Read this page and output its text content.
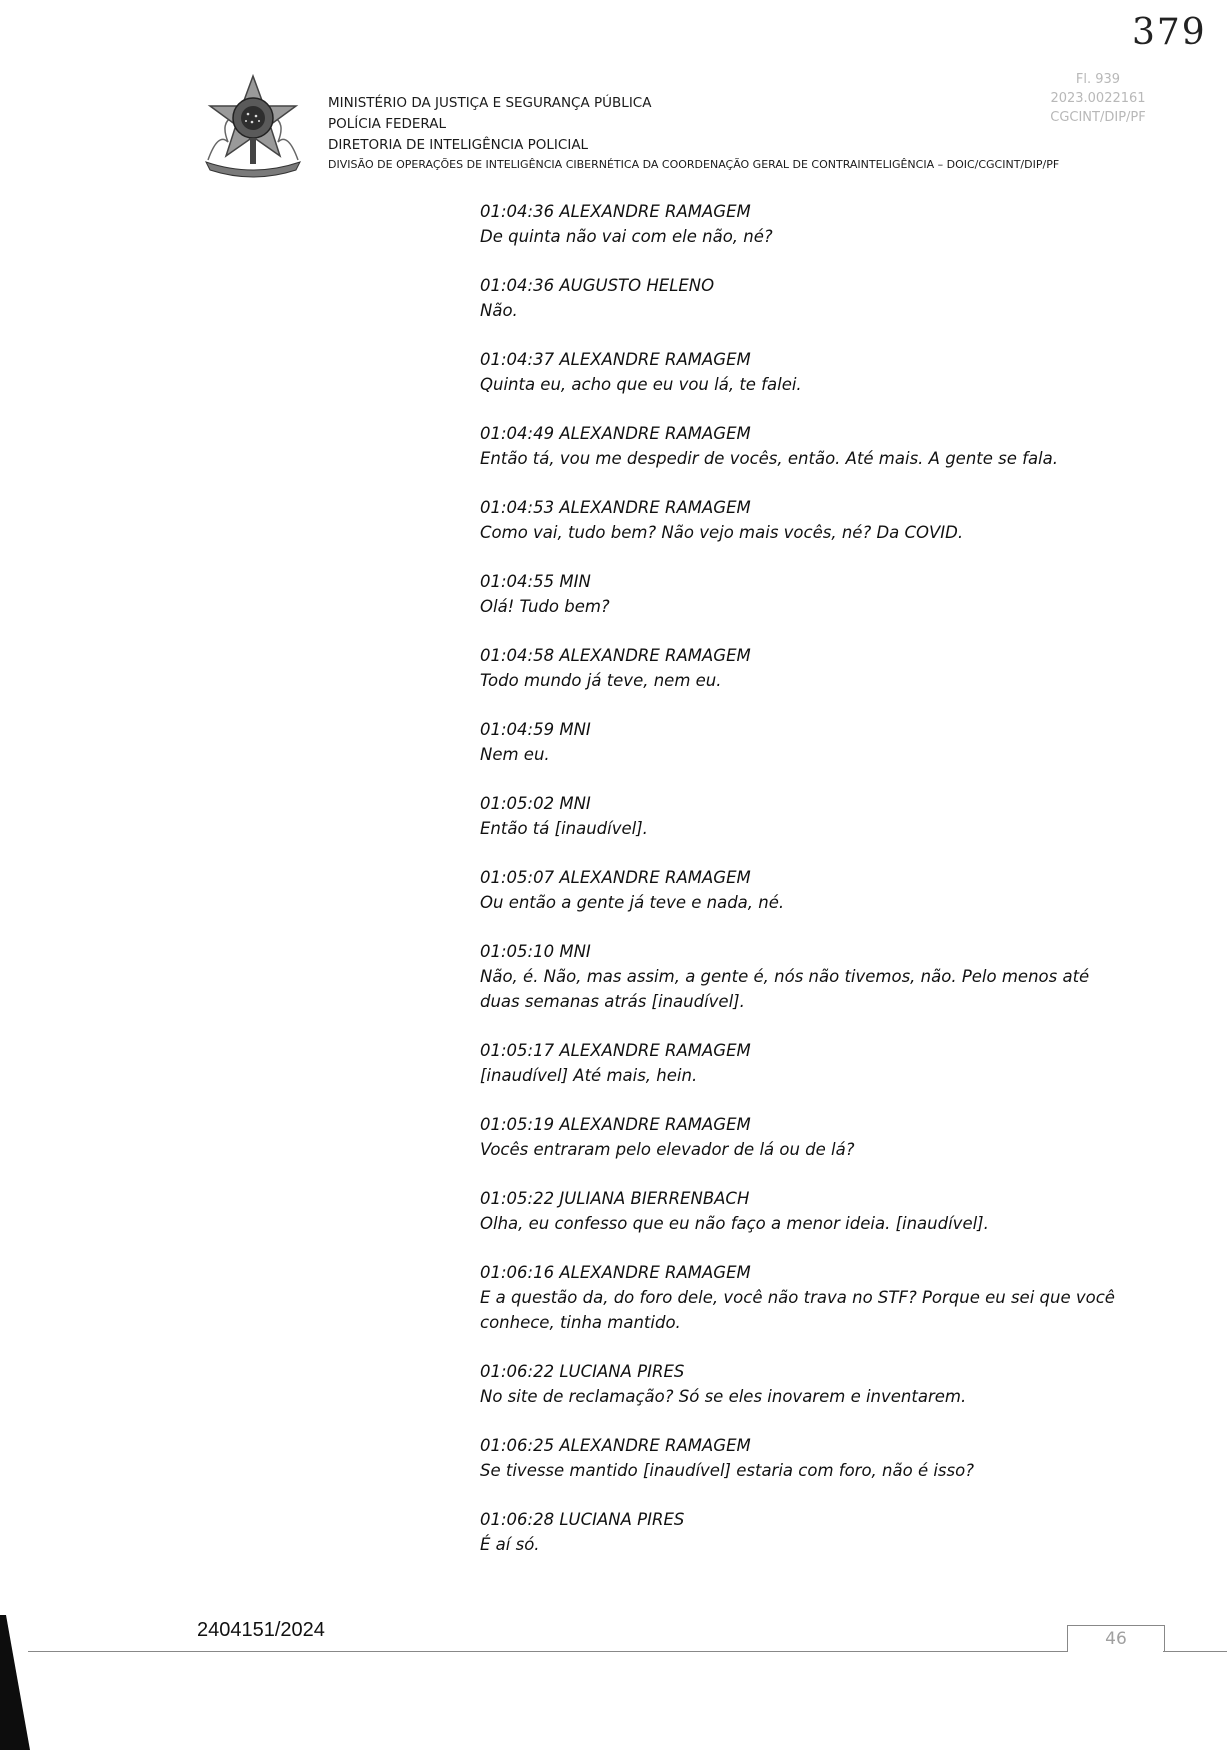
379
Fl. 939
2023.0022161
CGCINT/DIP/PF
MINISTÉRIO DA JUSTIÇA E SEGURANÇA PÚBLICA
POLÍCIA FEDERAL
DIRETORIA DE INTELIGÊNCIA POLICIAL
DIVISÃO DE OPERAÇÕES DE INTELIGÊNCIA CIBERNÉTICA DA COORDENAÇÃO GERAL DE CONTRAINTELIGÊNCIA – DOIC/CGCINT/DIP/PF
01:04:36 ALEXANDRE RAMAGEM
De quinta não vai com ele não, né?
01:04:36 AUGUSTO HELENO
Não.
01:04:37 ALEXANDRE RAMAGEM
Quinta eu, acho que eu vou lá, te falei.
01:04:49 ALEXANDRE RAMAGEM
Então tá, vou me despedir de vocês, então. Até mais. A gente se fala.
01:04:53 ALEXANDRE RAMAGEM
Como vai, tudo bem? Não vejo mais vocês, né? Da COVID.
01:04:55 MIN
Olá! Tudo bem?
01:04:58 ALEXANDRE RAMAGEM
Todo mundo já teve, nem eu.
01:04:59 MNI
Nem eu.
01:05:02 MNI
Então tá [inaudível].
01:05:07 ALEXANDRE RAMAGEM
Ou então a gente já teve e nada, né.
01:05:10 MNI
Não, é. Não, mas assim, a gente é, nós não tivemos, não. Pelo menos até duas semanas atrás [inaudível].
01:05:17 ALEXANDRE RAMAGEM
[inaudível] Até mais, hein.
01:05:19 ALEXANDRE RAMAGEM
Vocês entraram pelo elevador de lá ou de lá?
01:05:22 JULIANA BIERRENBACH
Olha, eu confesso que eu não faço a menor ideia. [inaudível].
01:06:16 ALEXANDRE RAMAGEM
E a questão da, do foro dele, você não trava no STF? Porque eu sei que você conhece, tinha mantido.
01:06:22 LUCIANA PIRES
No site de reclamação? Só se eles inovarem e inventarem.
01:06:25 ALEXANDRE RAMAGEM
Se tivesse mantido [inaudível] estaria com foro, não é isso?
01:06:28 LUCIANA PIRES
É aí só.
2404151/2024	46
